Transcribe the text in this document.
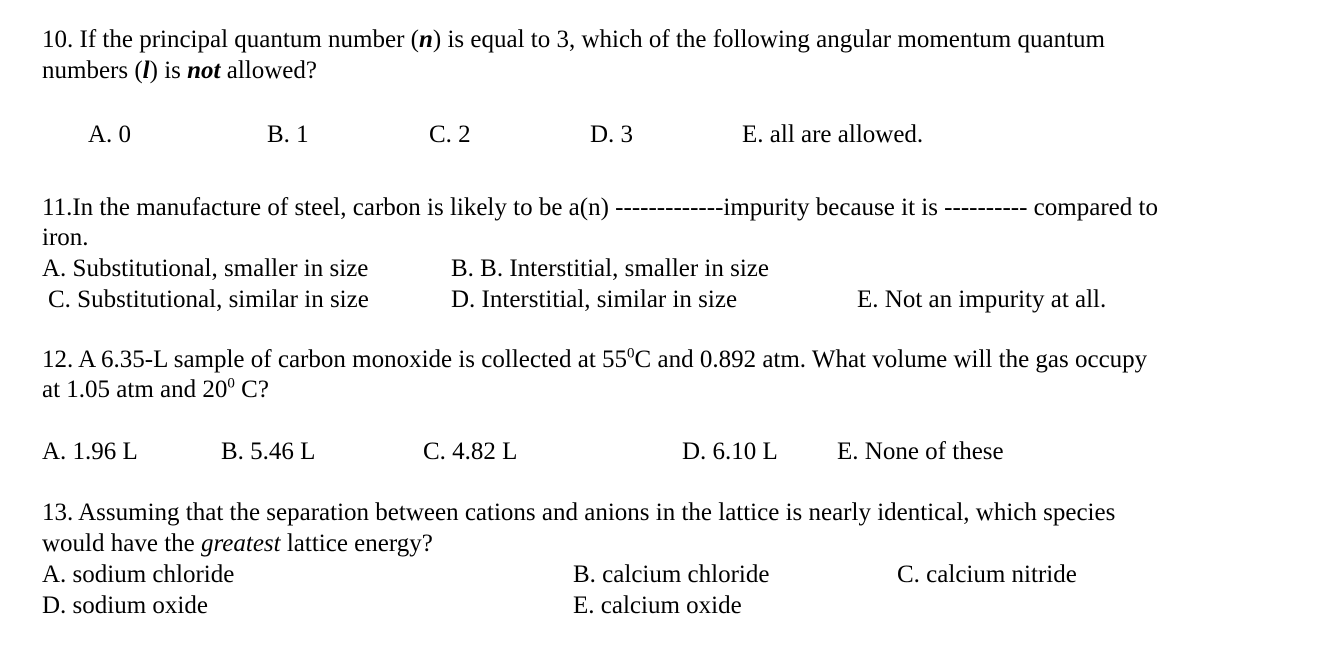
10. If the principal quantum number (n) is equal to 3, which of the following angular momentum quantum
numbers (l) is not allowed?
A. 0	B. 1	C. 2	D. 3	E. all are allowed.
11.In the manufacture of steel, carbon is likely to be a(n) -------------impurity because it is ---------- compared to
iron.
A. Substitutional, smaller in size	B. B. Interstitial, smaller in size
C. Substitutional, similar in size	D. Interstitial, similar in size	E. Not an impurity at all.
12. A 6.35-L sample of carbon monoxide is collected at $55^0C$ and 0.892 atm. What volume will the gas occupy
at 1.05 atm and $20^0$ C?
A. 1.96 L	B. 5.46 L	C. 4.82 L	D. 6.10 L E. None of these
13. Assuming that the separation between cations and anions in the lattice is nearly identical, which species
would have the greatest lattice energy?
A. sodium chloride	B. calcium chloride	C. calcium nitride
D. sodium oxide	E. calcium oxide
